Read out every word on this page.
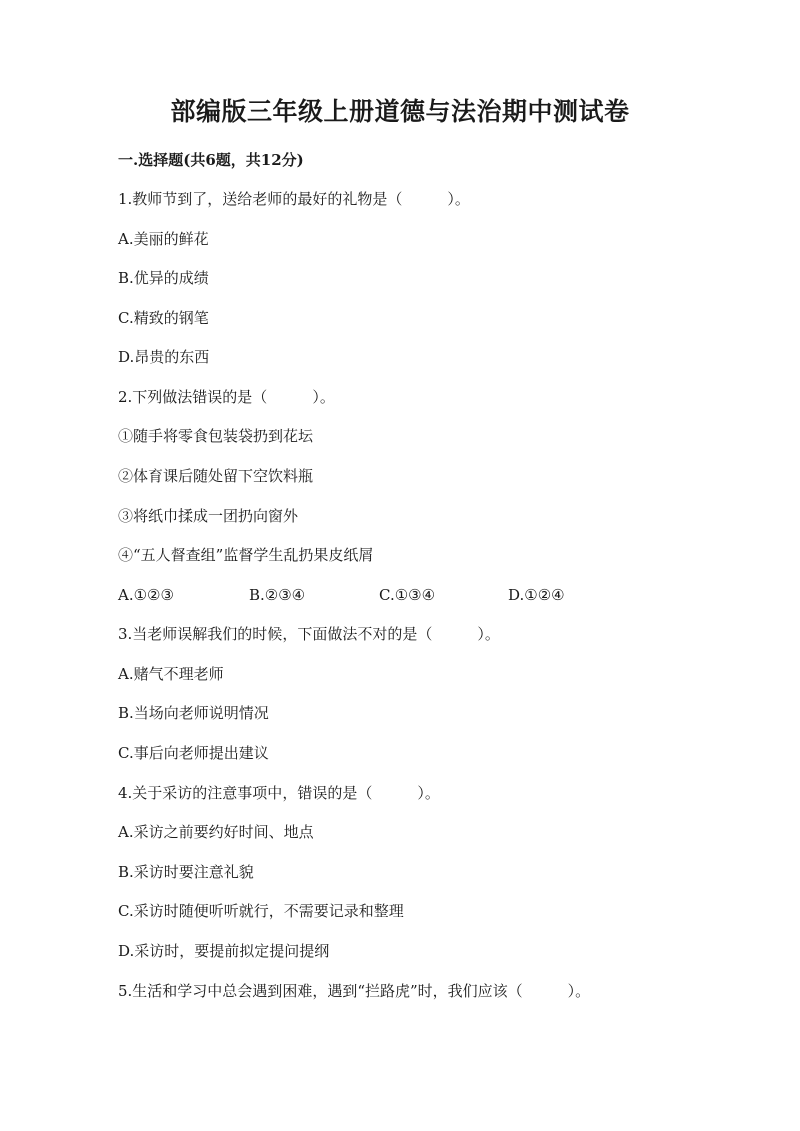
部编版三年级上册道德与法治期中测试卷
一.选择题(共6题，共12分)
1.教师节到了，送给老师的最好的礼物是（　　　）。
A.美丽的鲜花
B.优异的成绩
C.精致的钢笔
D.昂贵的东西
2.下列做法错误的是（　　　）。
①随手将零食包装袋扔到花坛
②体育课后随处留下空饮料瓶
③将纸巾揉成一团扔向窗外
④“五人督查组”监督学生乱扔果皮纸屑
A.①②③	B.②③④	C.①③④	D.①②④
3.当老师误解我们的时候，下面做法不对的是（　　　）。
A.赌气不理老师
B.当场向老师说明情况
C.事后向老师提出建议
4.关于采访的注意事项中，错误的是（　　　）。
A.采访之前要约好时间、地点
B.采访时要注意礼貌
C.采访时随便听听就行，不需要记录和整理
D.采访时，要提前拟定提问提纲
5.生活和学习中总会遇到困难，遇到“拦路虎”时，我们应该（　　　）。
